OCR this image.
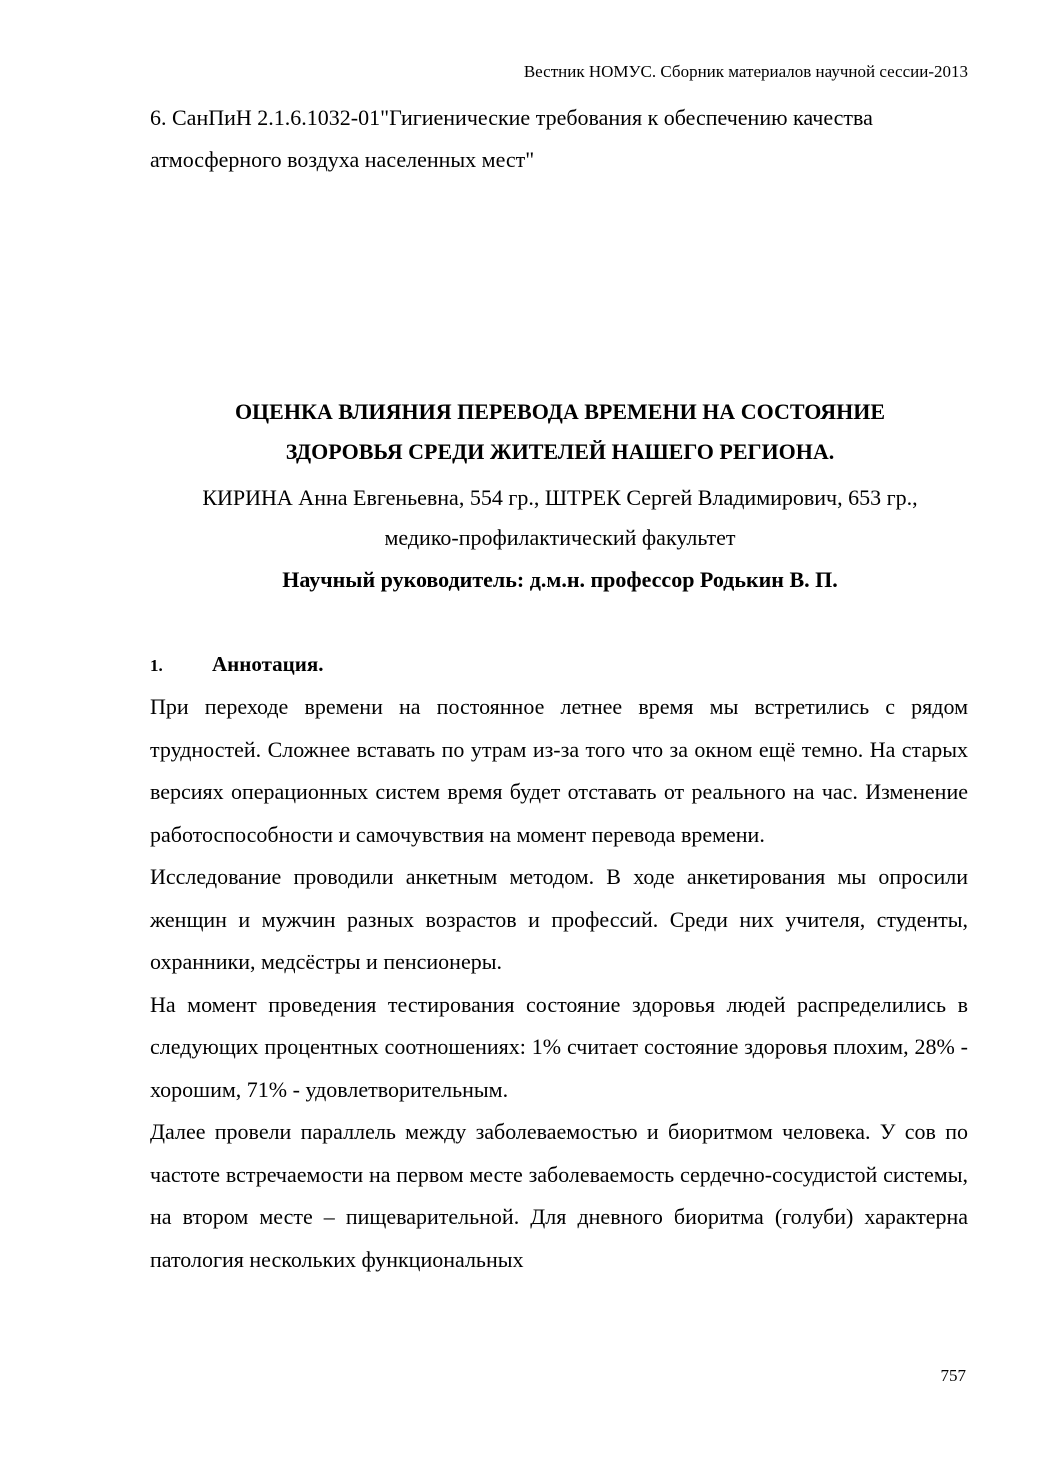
Вестник НОМУС. Сборник материалов научной сессии-2013
6. СанПиН 2.1.6.1032-01"Гигиенические требования к обеспечению качества атмосферного воздуха населенных мест"
ОЦЕНКА ВЛИЯНИЯ ПЕРЕВОДА ВРЕМЕНИ НА СОСТОЯНИЕ
ЗДОРОВЬЯ СРЕДИ ЖИТЕЛЕЙ НАШЕГО РЕГИОНА.
КИРИНА Анна Евгеньевна, 554 гр., ШТРЕК Сергей Владимирович, 653 гр.,
медико-профилактический факультет
Научный руководитель: д.м.н. профессор Родькин В. П.
1. Аннотация.

При переходе времени на постоянное летнее время мы встретились с рядом трудностей. Сложнее вставать по утрам из-за того что за окном ещё темно. На старых версиях операционных систем время будет отставать от реального на час. Изменение работоспособности и самочувствия на момент перевода времени.

Исследование проводили анкетным методом. В ходе анкетирования мы опросили женщин и мужчин разных возрастов и профессий. Среди них учителя, студенты, охранники, медсёстры и пенсионеры.

На момент проведения тестирования состояние здоровья людей распределились в следующих процентных соотношениях: 1% считает состояние здоровья плохим, 28% - хорошим, 71% - удовлетворительным.

Далее провели параллель между заболеваемостью и биоритмом человека. У сов по частоте встречаемости на первом месте заболеваемость сердечно-сосудистой системы, на втором месте – пищеварительной. Для дневного биоритма (голуби) характерна патология нескольких функциональных

757
